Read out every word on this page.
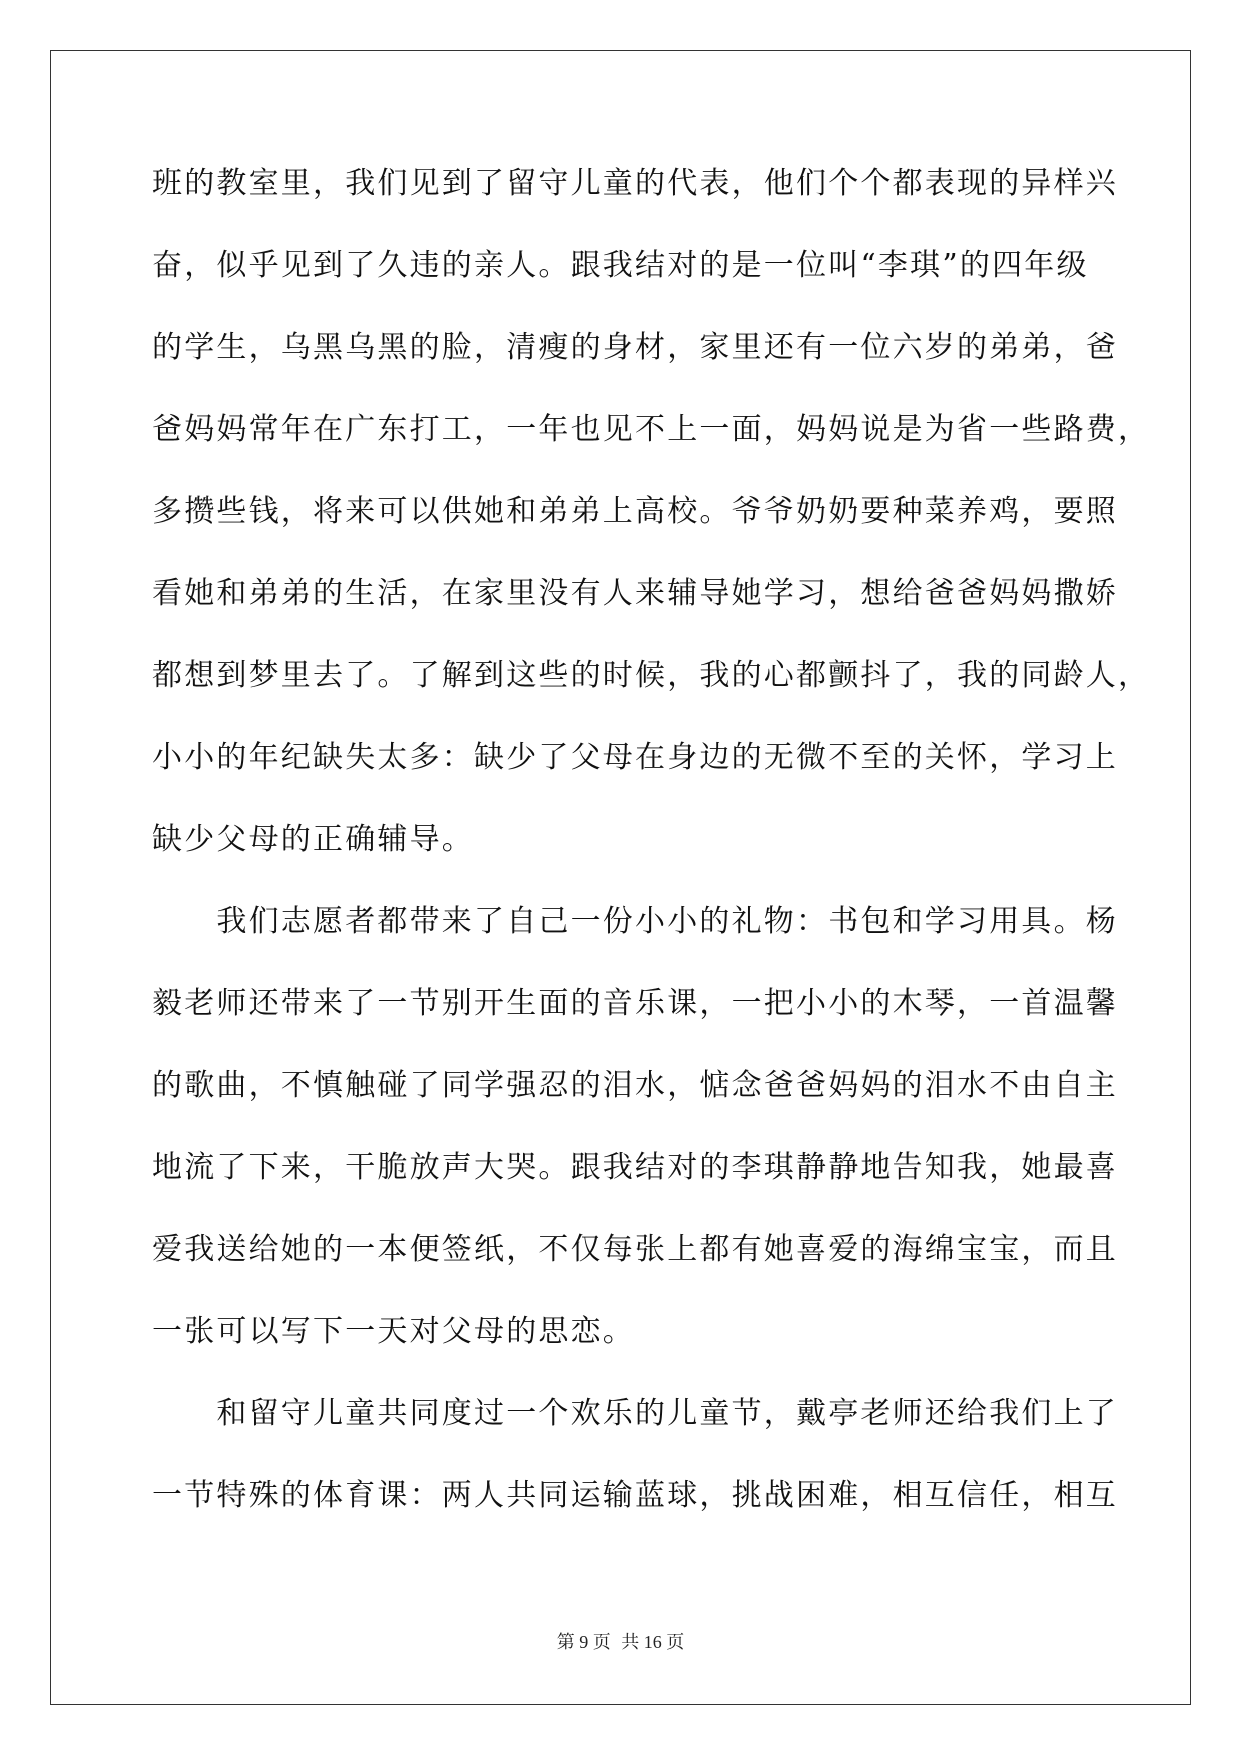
班的教室里，我们见到了留守儿童的代表，他们个个都表现的异样兴
奋，似乎见到了久违的亲人。跟我结对的是一位叫“李琪”的四年级
的学生，乌黑乌黑的脸，清瘦的身材，家里还有一位六岁的弟弟，爸
爸妈妈常年在广东打工，一年也见不上一面，妈妈说是为省一些路费，
多攒些钱，将来可以供她和弟弟上高校。爷爷奶奶要种菜养鸡，要照
看她和弟弟的生活，在家里没有人来辅导她学习，想给爸爸妈妈撒娇
都想到梦里去了。了解到这些的时候，我的心都颤抖了，我的同龄人，
小小的年纪缺失太多：缺少了父母在身边的无微不至的关怀，学习上
缺少父母的正确辅导。
　　我们志愿者都带来了自己一份小小的礼物：书包和学习用具。杨
毅老师还带来了一节别开生面的音乐课，一把小小的木琴，一首温馨
的歌曲，不慎触碰了同学强忍的泪水，惦念爸爸妈妈的泪水不由自主
地流了下来，干脆放声大哭。跟我结对的李琪静静地告知我，她最喜
爱我送给她的一本便签纸，不仅每张上都有她喜爱的海绵宝宝，而且
一张可以写下一天对父母的思恋。
　　和留守儿童共同度过一个欢乐的儿童节，戴亭老师还给我们上了
一节特殊的体育课：两人共同运输蓝球，挑战困难，相互信任，相互
第 9 页 共 16 页
